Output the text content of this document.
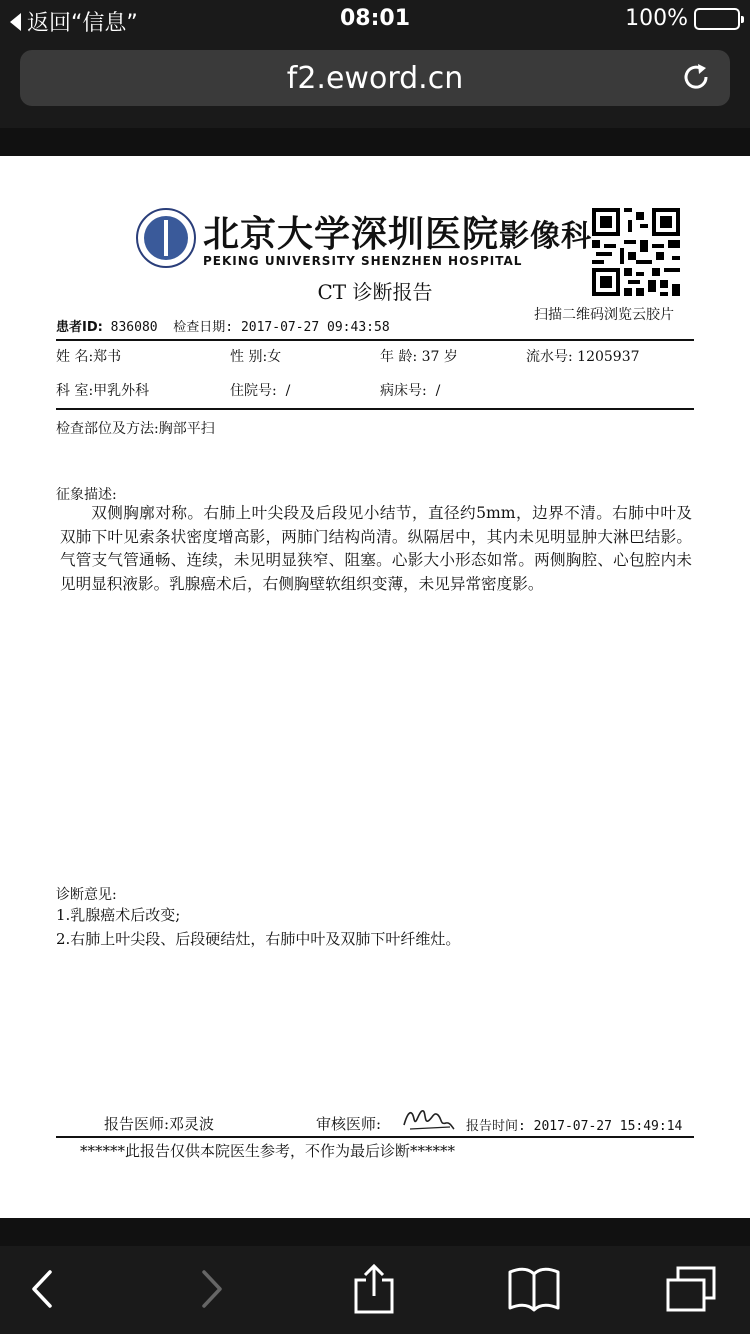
返回“信息”	08:01	100%
f2.eword.cn
北京大学深圳医院影像科
PEKING UNIVERSITY SHENZHEN HOSPITAL
扫描二维码浏览云胶片
CT 诊断报告
患者ID: 836080 检查日期: 2017-07-27 09:43:58
姓 名:郑书	性 别:女	年 龄: 37 岁	流水号: 1205937
科 室:甲乳外科	住院号: /	病床号: /
检查部位及方法:胸部平扫
征象描述:
双侧胸廓对称。右肺上叶尖段及后段见小结节，直径约5mm，边界不清。右肺中叶及双肺下叶见索条状密度增高影，两肺门结构尚清。纵隔居中，其内未见明显肿大淋巴结影。气管支气管通畅、连续，未见明显狭窄、阻塞。心影大小形态如常。两侧胸腔、心包腔内未见明显积液影。乳腺癌术后，右侧胸壁软组织变薄，未见异常密度影。
诊断意见:
1.乳腺癌术后改变;
2.右肺上叶尖段、后段硬结灶，右肺中叶及双肺下叶纤维灶。
报告医师:邓灵波	审核医师:	报告时间: 2017-07-27 15:49:14
******此报告仅供本院医生参考，不作为最后诊断******
